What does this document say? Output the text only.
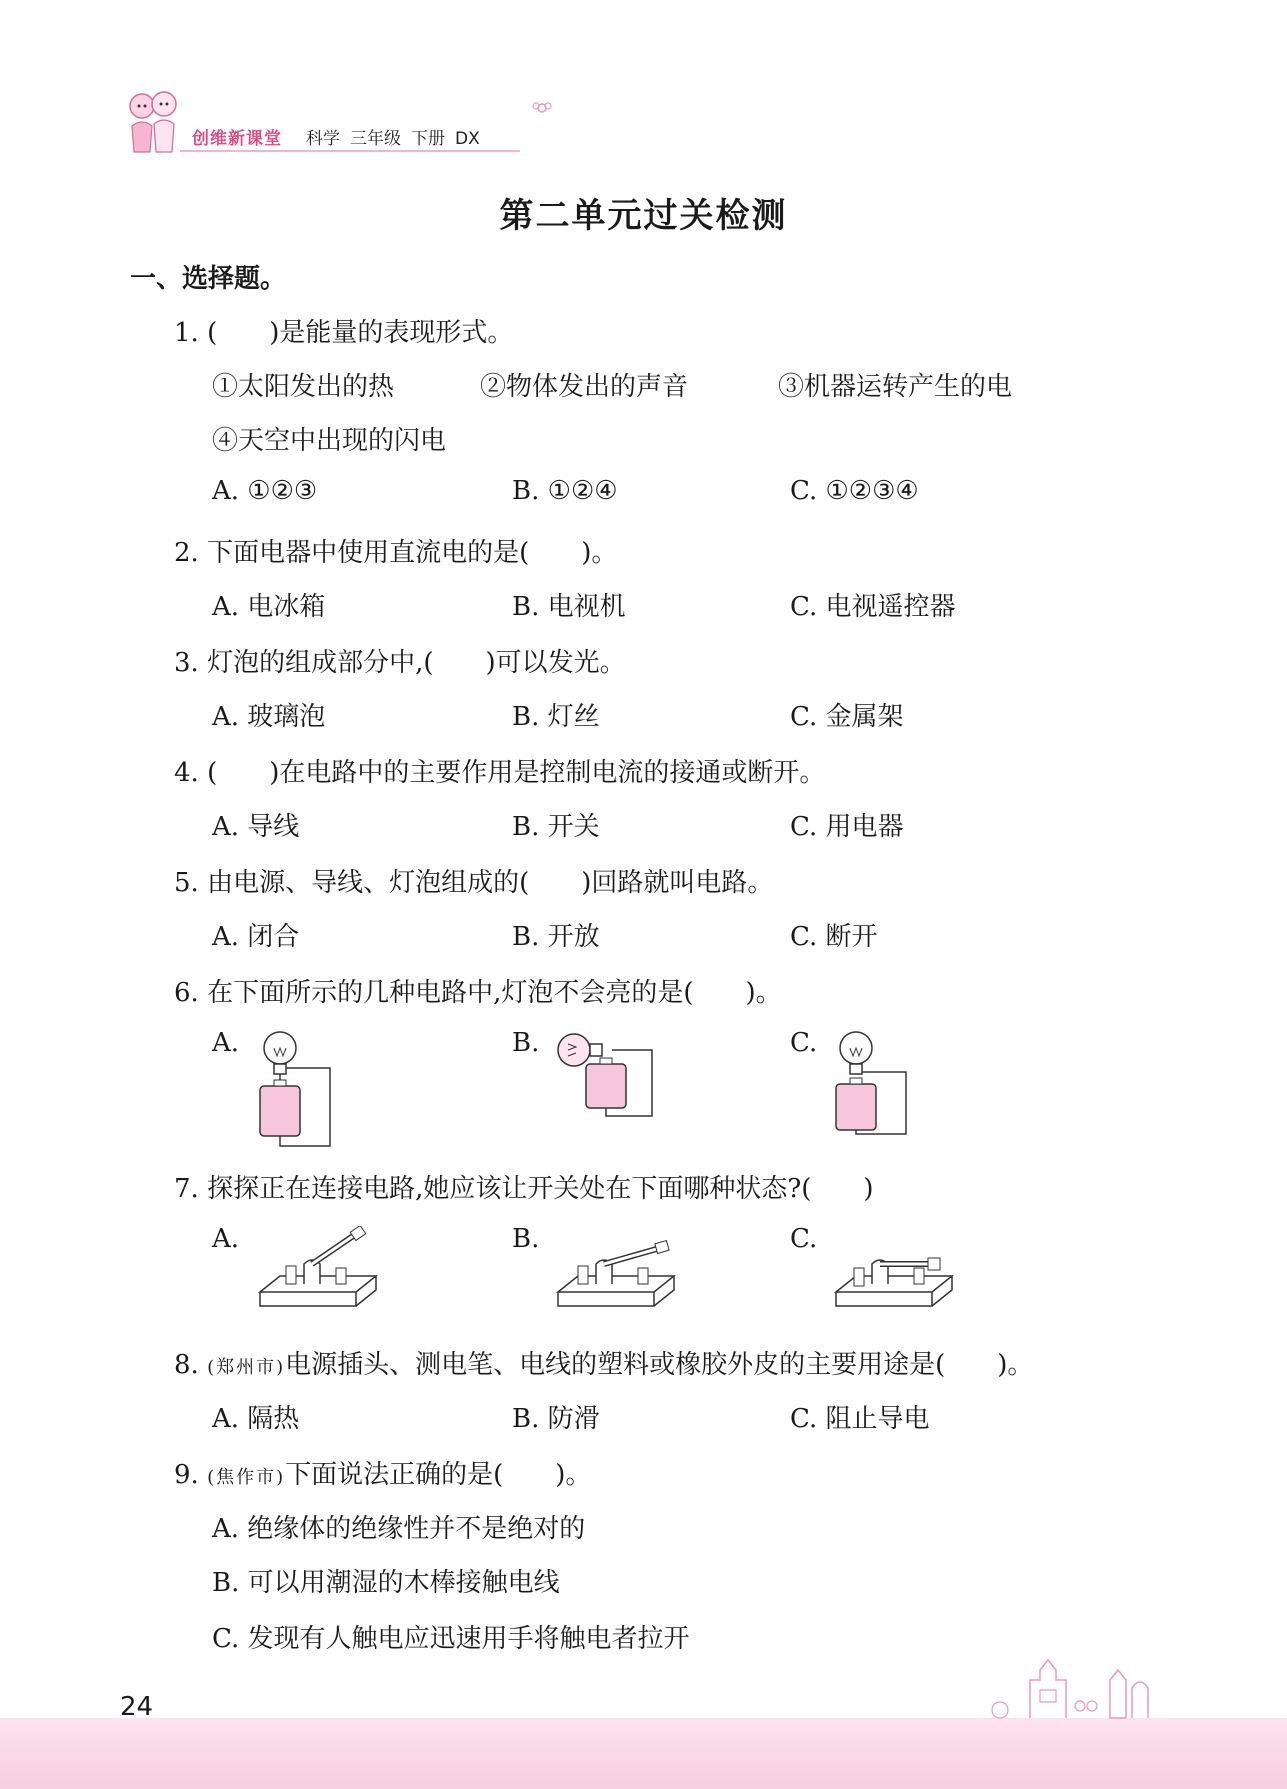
创维新课堂 科学 三年级 下册 DX
第二单元过关检测
一、选择题。
1. (　　)是能量的表现形式。
①太阳发出的热	②物体发出的声音	③机器运转产生的电
④天空中出现的闪电
A. ①②③	B. ①②④	C. ①②③④
2. 下面电器中使用直流电的是(　　)。
A. 电冰箱	B. 电视机	C. 电视遥控器
3. 灯泡的组成部分中,(　　)可以发光。
A. 玻璃泡	B. 灯丝	C. 金属架
4. (　　)在电路中的主要作用是控制电流的接通或断开。
A. 导线	B. 开关	C. 用电器
5. 由电源、导线、灯泡组成的(　　)回路就叫电路。
A. 闭合	B. 开放	C. 断开
6. 在下面所示的几种电路中,灯泡不会亮的是(　　)。
A.	B.	C.
7. 探探正在连接电路,她应该让开关处在下面哪种状态?(　　)
A.	B.	C.
8. (郑州市)电源插头、测电笔、电线的塑料或橡胶外皮的主要用途是(　　)。
A. 隔热	B. 防滑	C. 阻止导电
9. (焦作市)下面说法正确的是(　　)。
A. 绝缘体的绝缘性并不是绝对的
B. 可以用潮湿的木棒接触电线
C. 发现有人触电应迅速用手将触电者拉开
24
